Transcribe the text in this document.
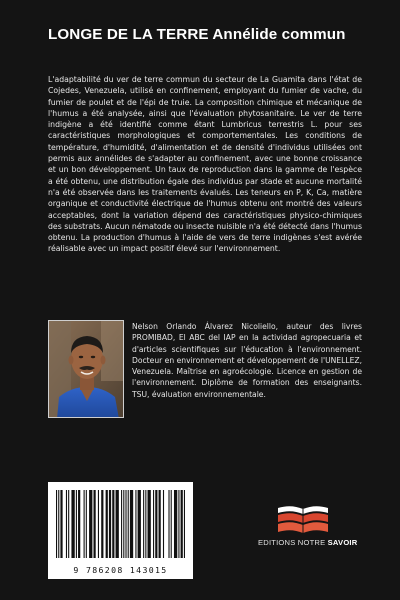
LONGE DE LA TERRE Annélide commun

L'adaptabilité du ver de terre commun du secteur de La Guamita dans l'état de Cojedes, Venezuela, utilisé en confinement, employant du fumier de vache, du fumier de poulet et de l'épi de truie. La composition chimique et mécanique de l'humus a été analysée, ainsi que l'évaluation phytosanitaire. Le ver de terre indigène a été identifié comme étant Lumbricus terrestris L. pour ses caractéristiques morphologiques et comportementales. Les conditions de température, d'humidité, d'alimentation et de densité d'individus utilisées ont permis aux annélides de s'adapter au confinement, avec une bonne croissance et un bon développement. Un taux de reproduction dans la gamme de l'espèce a été obtenu, une distribution égale des individus par stade et aucune mortalité n'a été observée dans les traitements évalués. Les teneurs en P, K, Ca, matière organique et conductivité électrique de l'humus obtenu ont montré des valeurs acceptables, dont la variation dépend des caractéristiques physico-chimiques des substrats. Aucun nématode ou insecte nuisible n'a été détecté dans l'humus obtenu. La production d'humus à l'aide de vers de terre indigènes s'est avérée réalisable avec un impact positif élevé sur l'environnement.

Nelson Orlando Álvarez Nicoliello, auteur des livres PROMIBAD, El ABC del IAP en la actividad agropecuaria et d'articles scientifiques sur l'éducation à l'environnement. Docteur en environnement et développement de l'UNELLEZ, Venezuela. Maîtrise en agroécologie. Licence en gestion de l'environnement. Diplôme de formation des enseignants. TSU, évaluation environnementale.

9 786208 143015

EDITIONS NOTRE SAVOIR
